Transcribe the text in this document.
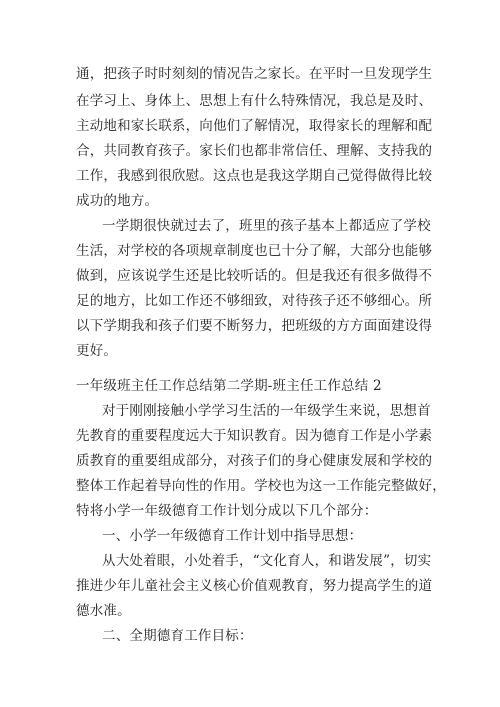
通，把孩子时时刻刻的情况告之家长。在平时一旦发现学生
在学习上、身体上、思想上有什么特殊情况，我总是及时、
主动地和家长联系，向他们了解情况，取得家长的理解和配
合，共同教育孩子。家长们也都非常信任、理解、支持我的
工作，我感到很欣慰。这点也是我这学期自己觉得做得比较
成功的地方。
一学期很快就过去了，班里的孩子基本上都适应了学校
生活，对学校的各项规章制度也已十分了解，大部分也能够
做到，应该说学生还是比较听话的。但是我还有很多做得不
足的地方，比如工作还不够细致，对待孩子还不够细心。所
以下学期我和孩子们要不断努力，把班级的方方面面建设得
更好。
一年级班主任工作总结第二学期-班主任工作总结 2
对于刚刚接触小学学习生活的一年级学生来说，思想首
先教育的重要程度远大于知识教育。因为德育工作是小学素
质教育的重要组成部分，对孩子们的身心健康发展和学校的
整体工作起着导向性的作用。学校也为这一工作能完整做好，
特将小学一年级德育工作计划分成以下几个部分：
一、小学一年级德育工作计划中指导思想：
从大处着眼，小处着手，“文化育人，和谐发展”，切实
推进少年儿童社会主义核心价值观教育，努力提高学生的道
德水准。
二、全期德育工作目标：
